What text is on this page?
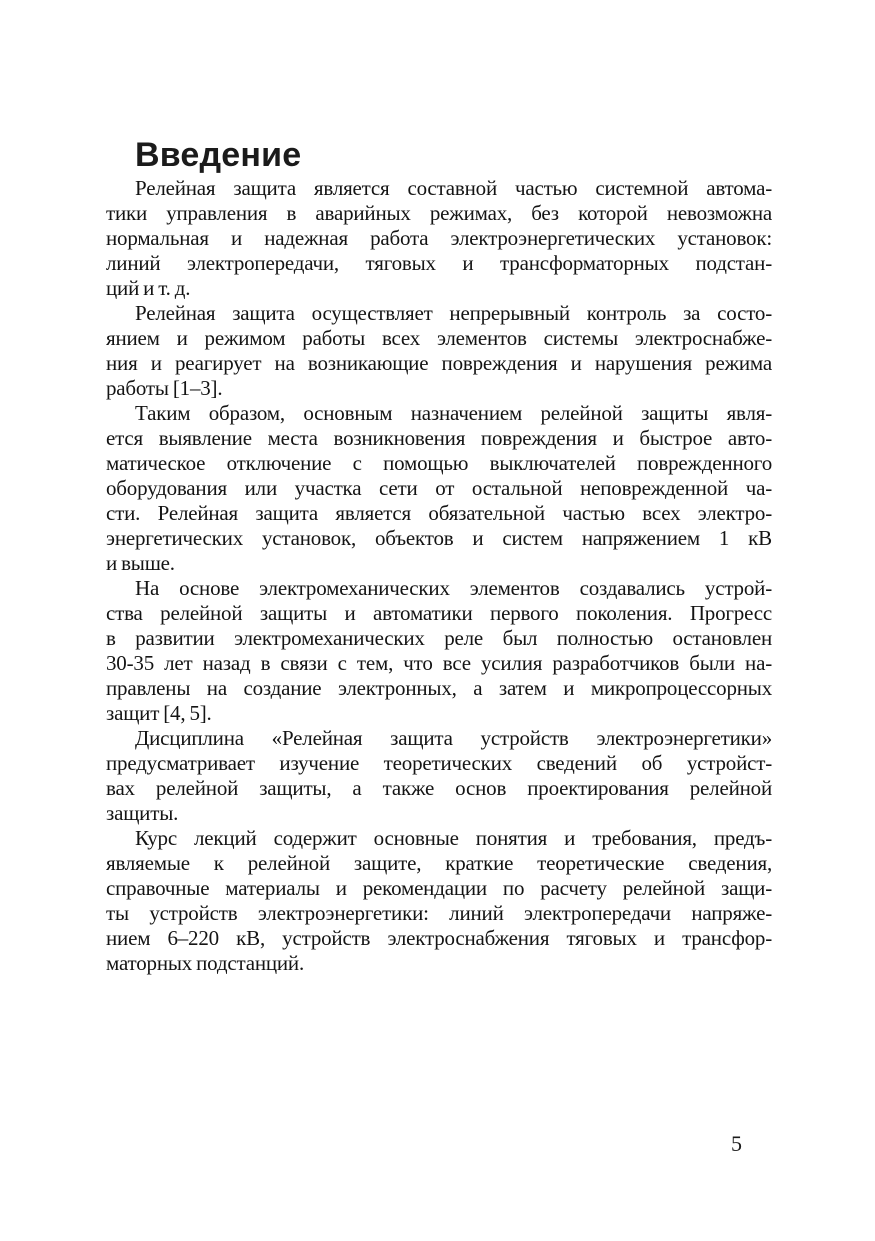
Введение
Релейная защита является составной частью системной автома-
тики управления в аварийных режимах, без которой невозможна
нормальная и надежная работа электроэнергетических установок:
линий электропередачи, тяговых и трансформаторных подстан-
ций и т. д.
Релейная защита осуществляет непрерывный контроль за состо-
янием и режимом работы всех элементов системы электроснабже-
ния и реагирует на возникающие повреждения и нарушения режима
работы [1–3].
Таким образом, основным назначением релейной защиты явля-
ется выявление места возникновения повреждения и быстрое авто-
матическое отключение с помощью выключателей поврежденного
оборудования или участка сети от остальной неповрежденной ча-
сти. Релейная защита является обязательной частью всех электро-
энергетических установок, объектов и систем напряжением 1 кВ
и выше.
На основе электромеханических элементов создавались устрой-
ства релейной защиты и автоматики первого поколения. Прогресс
в развитии электромеханических реле был полностью остановлен
30-35 лет назад в связи с тем, что все усилия разработчиков были на-
правлены на создание электронных, а затем и микропроцессорных
защит [4, 5].
Дисциплина «Релейная защита устройств электроэнергетики»
предусматривает изучение теоретических сведений об устройст-
вах релейной защиты, а также основ проектирования релейной
защиты.
Курс лекций содержит основные понятия и требования, предъ-
являемые к релейной защите, краткие теоретические сведения,
справочные материалы и рекомендации по расчету релейной защи-
ты устройств электроэнергетики: линий электропередачи напряже-
нием 6–220 кВ, устройств электроснабжения тяговых и трансфор-
маторных подстанций.
5
